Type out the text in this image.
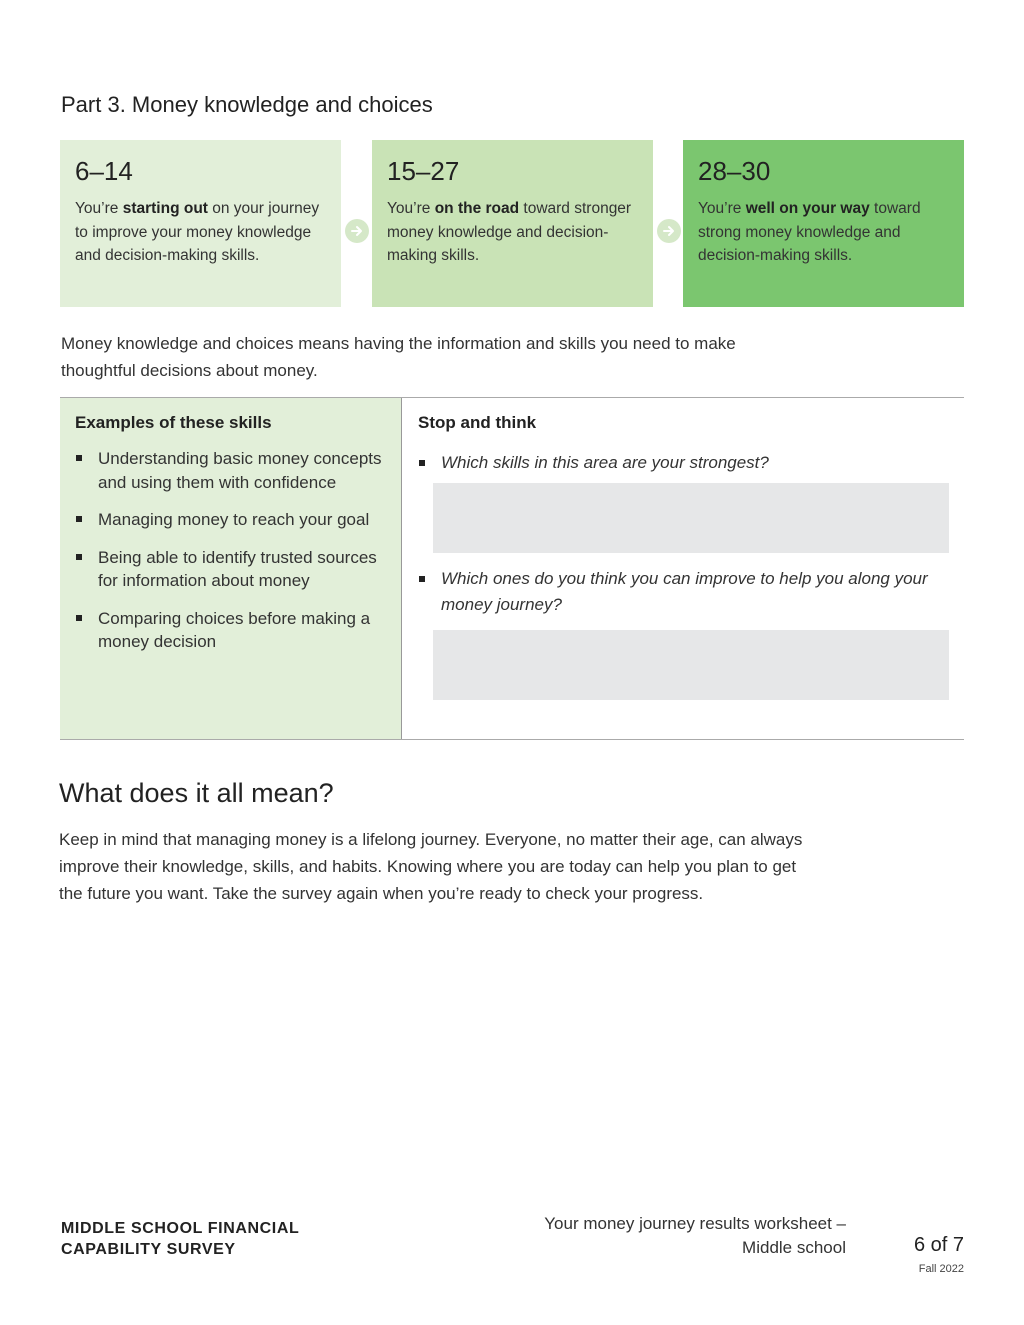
Part 3. Money knowledge and choices
6–14
You’re starting out on your journey to improve your money knowledge and decision-making skills.
15–27
You’re on the road toward stronger money knowledge and decision-making skills.
28–30
You’re well on your way toward strong money knowledge and decision-making skills.
Money knowledge and choices means having the information and skills you need to make thoughtful decisions about money.
Examples of these skills
Understanding basic money concepts and using them with confidence
Managing money to reach your goal
Being able to identify trusted sources for information about money
Comparing choices before making a money decision
Stop and think
Which skills in this area are your strongest?
Which ones do you think you can improve to help you along your money journey?
What does it all mean?
Keep in mind that managing money is a lifelong journey. Everyone, no matter their age, can always improve their knowledge, skills, and habits. Knowing where you are today can help you plan to get the future you want. Take the survey again when you’re ready to check your progress.
MIDDLE SCHOOL FINANCIAL
CAPABILITY SURVEY
Your money journey results worksheet –
Middle school	6 of 7
Fall 2022
